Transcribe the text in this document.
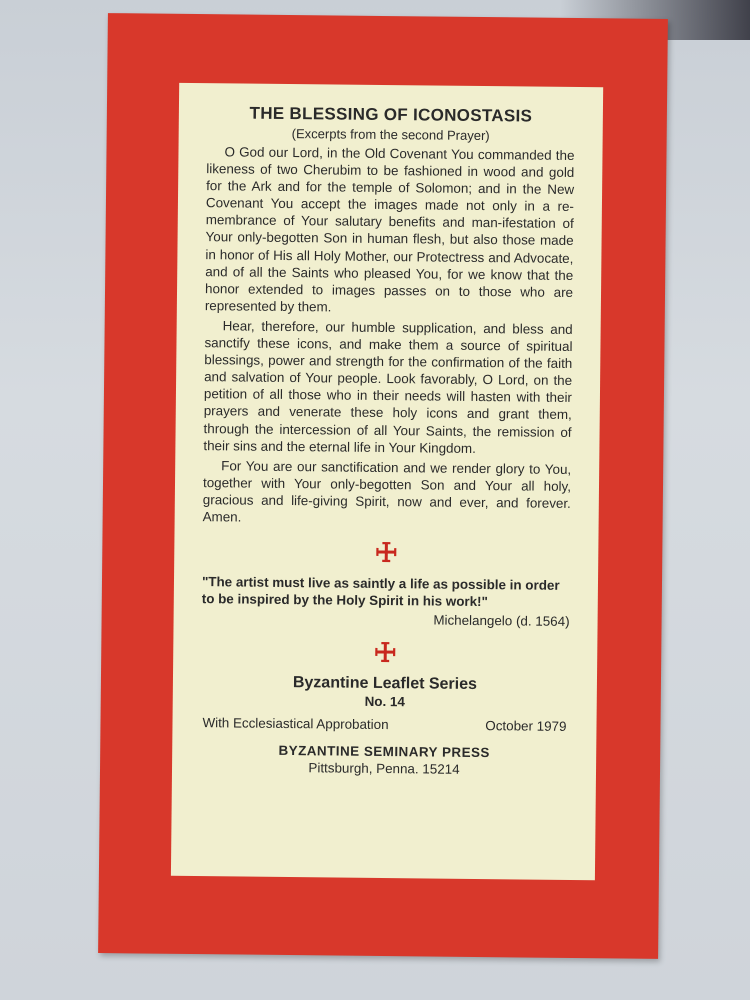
THE BLESSING OF ICONOSTASIS
(Excerpts from the second Prayer)

O God our Lord, in the Old Covenant You commanded the likeness of two Cherubim to be fashioned in wood and gold for the Ark and for the temple of Solomon; and in the New Covenant You accept the images made not only in a re-membrance of Your salutary benefits and man-ifestation of Your only-begotten Son in human flesh, but also those made in honor of His all Holy Mother, our Protectress and Advocate, and of all the Saints who pleased You, for we know that the honor extended to images passes on to those who are represented by them.

Hear, therefore, our humble supplication, and bless and sanctify these icons, and make them a source of spiritual blessings, power and strength for the confirmation of the faith and salvation of Your people. Look favorably, O Lord, on the petition of all those who in their needs will hasten with their prayers and venerate these holy icons and grant them, through the intercession of all Your Saints, the remission of their sins and the eternal life in Your Kingdom.

For You are our sanctification and we render glory to You, together with Your only-begotten Son and Your all holy, gracious and life-giving Spirit, now and ever, and forever. Amen.

"The artist must live as saintly a life as possible in order to be inspired by the Holy Spirit in his work!"
Michelangelo (d. 1564)
Byzantine Leaflet Series
No. 14
With Ecclesiastical Approbation	October 1979
BYZANTINE SEMINARY PRESS
Pittsburgh, Penna. 15214
